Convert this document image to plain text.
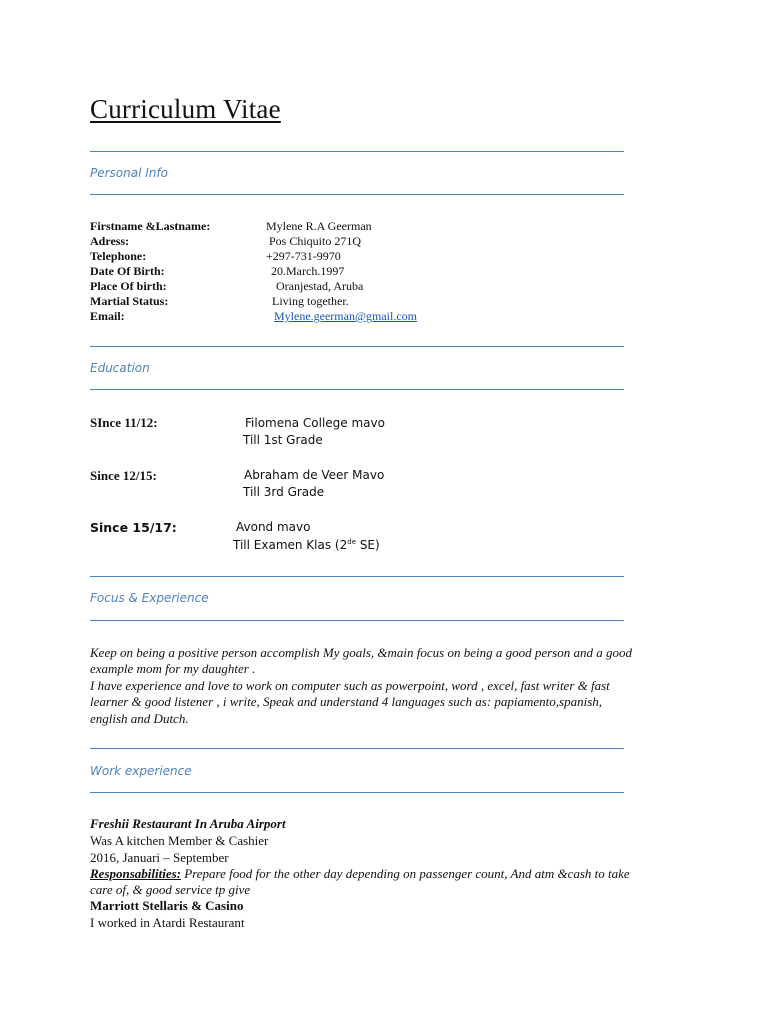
Curriculum Vitae
Personal Info
Firstname &Lastname:	Mylene R.A Geerman
Adress:	Pos Chiquito 271Q
Telephone:	+297-731-9970
Date Of Birth:	20.March.1997
Place Of birth:	Oranjestad, Aruba
Martial Status:	Living together.
Email:	Mylene.geerman@gmail.com
Education
SInce 11/12:	Filomena College mavo
Till 1st Grade
Since 12/15:	Abraham de Veer Mavo
Till 3rd Grade
Since 15/17:	Avond mavo
Till Examen Klas (2de SE)
Focus & Experience
Keep on being a positive person accomplish My goals, &main focus on being a good person and a good
example mom for my daughter .
I have experience and love to work on computer such as powerpoint, word , excel, fast writer & fast
learner & good listener , i write, Speak and understand 4 languages such as: papiamento,spanish,
english and Dutch.
Work experience
Freshii Restaurant In Aruba Airport
Was A kitchen Member & Cashier
2016, Januari – September
Responsabilities: Prepare food for the other day depending on passenger count, And atm &cash to take
care of, & good service tp give
Marriott Stellaris & Casino
I worked in Atardi Restaurant
